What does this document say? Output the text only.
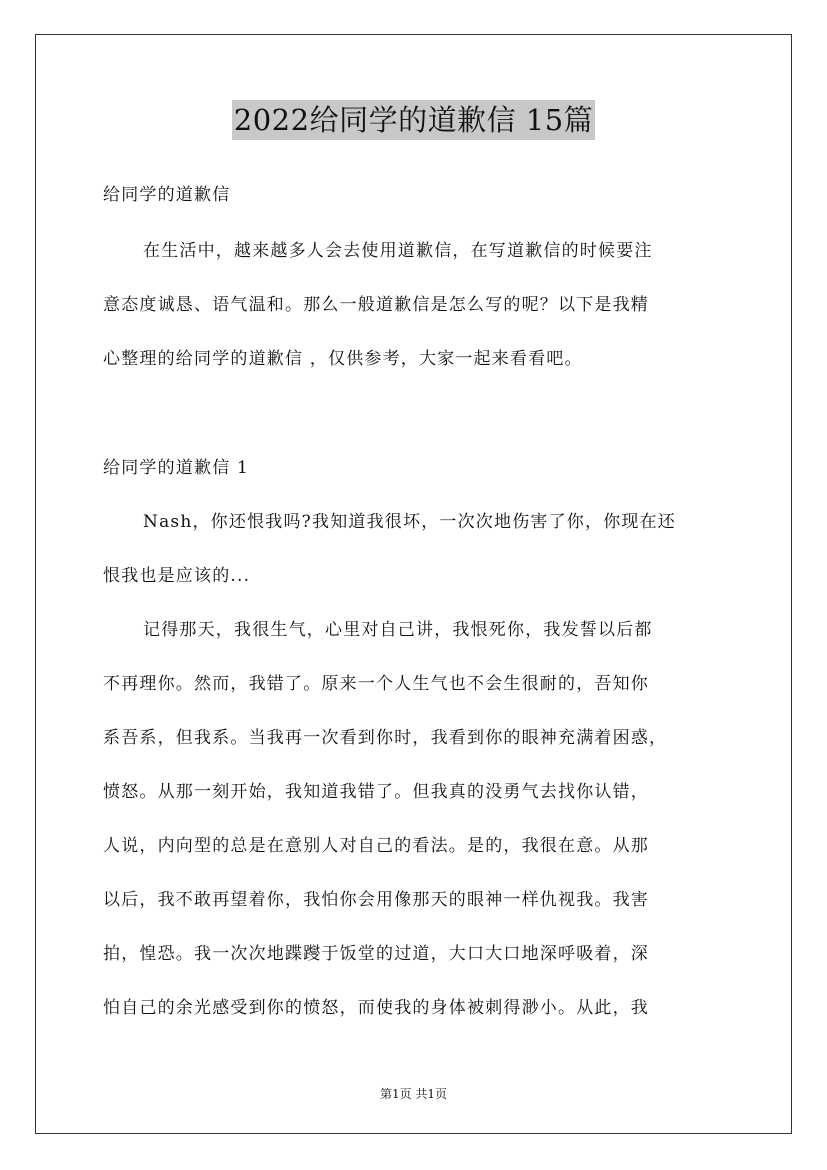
2022给同学的道歉信 15篇
给同学的道歉信
在生活中，越来越多人会去使用道歉信，在写道歉信的时候要注
意态度诚恳、语气温和。那么一般道歉信是怎么写的呢？以下是我精
心整理的给同学的道歉信 ，仅供参考，大家一起来看看吧。
给同学的道歉信 1
Nash，你还恨我吗?我知道我很坏，一次次地伤害了你，你现在还
恨我也是应该的...
记得那天，我很生气，心里对自己讲，我恨死你，我发誓以后都
不再理你。然而，我错了。原来一个人生气也不会生很耐的，吾知你
系吾系，但我系。当我再一次看到你时，我看到你的眼神充满着困惑，
愤怒。从那一刻开始，我知道我错了。但我真的没勇气去找你认错，
人说，内向型的总是在意别人对自己的看法。是的，我很在意。从那
以后，我不敢再望着你，我怕你会用像那天的眼神一样仇视我。我害
拍，惶恐。我一次次地蹀躞于饭堂的过道，大口大口地深呼吸着，深
怕自己的余光感受到你的愤怒，而使我的身体被刺得渺小。从此，我
第1页 共1页
